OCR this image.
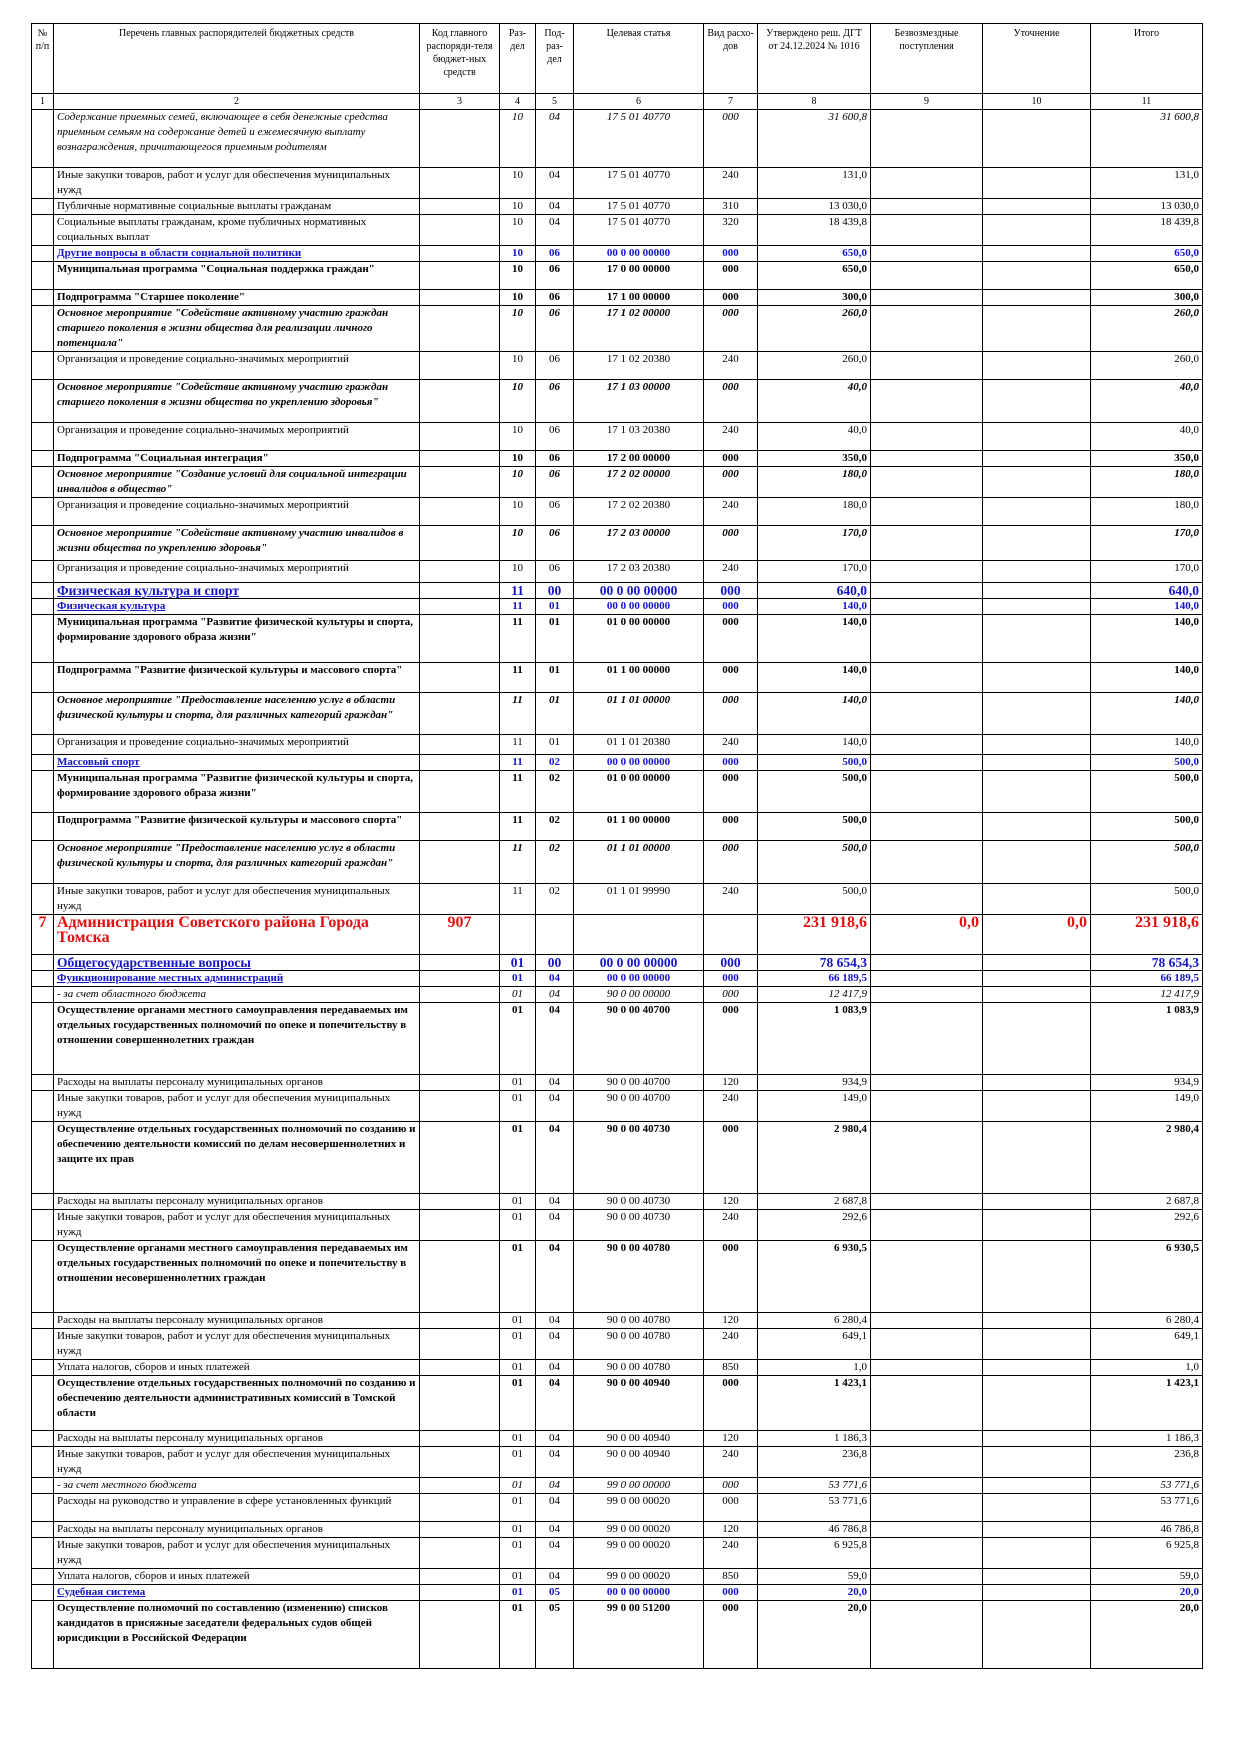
№ п/п	Перечень главных распорядителей бюджетных средств	Код главного распоряди-теля бюджет-ных средств	Раз-дел	Под-раз-дел	Целевая статья	Вид расхо-дов	Утверждено реш. ДГТ от 24.12.2024 № 1016	Безвозмездные поступления	Уточнение	Итого
1	2	3	4	5	6	7	8	9	10	11
	Содержание приемных семей, включающее в себя денежные средства приемным семьям на содержание детей и ежемесячную выплату вознаграждения, причитающегося приемным родителям		10	04	17 5 01 40770	000	31 600,8			31 600,8
	Иные закупки товаров, работ и услуг для обеспечения муниципальных нужд		10	04	17 5 01 40770	240	131,0			131,0
	Публичные нормативные социальные выплаты гражданам		10	04	17 5 01 40770	310	13 030,0			13 030,0
	Социальные выплаты гражданам, кроме публичных нормативных социальных выплат		10	04	17 5 01 40770	320	18 439,8			18 439,8
	Другие вопросы в области социальной политики		10	06	00 0 00 00000	000	650,0			650,0
	Муниципальная программа "Социальная поддержка граждан"		10	06	17 0 00 00000	000	650,0			650,0
	Подпрограмма "Старшее поколение"		10	06	17 1 00 00000	000	300,0			300,0
	Основное мероприятие "Содействие активному участию граждан старшего поколения в жизни общества для реализации личного потенциала"		10	06	17 1 02 00000	000	260,0			260,0
	Организация и проведение социально-значимых мероприятий		10	06	17 1 02 20380	240	260,0			260,0
	Основное мероприятие "Содействие активному участию граждан старшего поколения в жизни общества по укреплению здоровья"		10	06	17 1 03 00000	000	40,0			40,0
	Организация и проведение социально-значимых мероприятий		10	06	17 1 03 20380	240	40,0			40,0
	Подпрограмма "Социальная интеграция"		10	06	17 2 00 00000	000	350,0			350,0
	Основное мероприятие "Создание условий для социальной интеграции инвалидов в общество"		10	06	17 2 02 00000	000	180,0			180,0
	Организация и проведение социально-значимых мероприятий		10	06	17 2 02 20380	240	180,0			180,0
	Основное мероприятие "Содействие активному участию инвалидов в жизни общества по укреплению здоровья"		10	06	17 2 03 00000	000	170,0			170,0
	Организация и проведение социально-значимых мероприятий		10	06	17 2 03 20380	240	170,0			170,0
	Физическая культура и спорт		11	00	00 0 00 00000	000	640,0			640,0
	Физическая культура		11	01	00 0 00 00000	000	140,0			140,0
	Муниципальная программа "Развитие физической культуры и спорта, формирование здорового образа жизни"		11	01	01 0 00 00000	000	140,0			140,0
	Подпрограмма "Развитие физической культуры и массового спорта"		11	01	01 1 00 00000	000	140,0			140,0
	Основное мероприятие "Предоставление населению услуг в области физической культуры и спорта, для различных категорий граждан"		11	01	01 1 01 00000	000	140,0			140,0
	Организация и проведение социально-значимых мероприятий		11	01	01 1 01 20380	240	140,0			140,0
	Массовый спорт		11	02	00 0 00 00000	000	500,0			500,0
	Муниципальная программа "Развитие физической культуры и спорта, формирование здорового образа жизни"		11	02	01 0 00 00000	000	500,0			500,0
	Подпрограмма "Развитие физической культуры и массового спорта"		11	02	01 1 00 00000	000	500,0			500,0
	Основное мероприятие "Предоставление населению услуг в области физической культуры и спорта, для различных категорий граждан"		11	02	01 1 01 00000	000	500,0			500,0
	Иные закупки товаров, работ и услуг для обеспечения муниципальных нужд		11	02	01 1 01 99990	240	500,0			500,0
7	Администрация Советского района Города Томска	907					231 918,6	0,0	0,0	231 918,6
	Общегосударственные вопросы		01	00	00 0 00 00000	000	78 654,3			78 654,3
	Функционирование местных администраций		01	04	00 0 00 00000	000	66 189,5			66 189,5
	- за счет областного бюджета		01	04	90 0 00 00000	000	12 417,9			12 417,9
	Осуществление органами местного самоуправления передаваемых им отдельных государственных полномочий по опеке и попечительству в отношении совершеннолетних граждан		01	04	90 0 00 40700	000	1 083,9			1 083,9
	Расходы на выплаты персоналу муниципальных органов		01	04	90 0 00 40700	120	934,9			934,9
	Иные закупки товаров, работ и услуг для обеспечения муниципальных нужд		01	04	90 0 00 40700	240	149,0			149,0
	Осуществление отдельных государственных полномочий по созданию и обеспечению деятельности комиссий по делам несовершеннолетних и защите их прав		01	04	90 0 00 40730	000	2 980,4			2 980,4
	Расходы на выплаты персоналу муниципальных органов		01	04	90 0 00 40730	120	2 687,8			2 687,8
	Иные закупки товаров, работ и услуг для обеспечения муниципальных нужд		01	04	90 0 00 40730	240	292,6			292,6
	Осуществление органами местного самоуправления передаваемых им отдельных государственных полномочий по опеке и попечительству в отношении несовершеннолетних граждан		01	04	90 0 00 40780	000	6 930,5			6 930,5
	Расходы на выплаты персоналу муниципальных органов		01	04	90 0 00 40780	120	6 280,4			6 280,4
	Иные закупки товаров, работ и услуг для обеспечения муниципальных нужд		01	04	90 0 00 40780	240	649,1			649,1
	Уплата налогов, сборов и иных платежей		01	04	90 0 00 40780	850	1,0			1,0
	Осуществление отдельных государственных полномочий по созданию и обеспечению деятельности административных комиссий в Томской области		01	04	90 0 00 40940	000	1 423,1			1 423,1
	Расходы на выплаты персоналу муниципальных органов		01	04	90 0 00 40940	120	1 186,3			1 186,3
	Иные закупки товаров, работ и услуг для обеспечения муниципальных нужд		01	04	90 0 00 40940	240	236,8			236,8
	- за счет местного бюджета		01	04	99 0 00 00000	000	53 771,6			53 771,6
	Расходы на руководство и управление в сфере установленных функций		01	04	99 0 00 00020	000	53 771,6			53 771,6
	Расходы на выплаты персоналу муниципальных органов		01	04	99 0 00 00020	120	46 786,8			46 786,8
	Иные закупки товаров, работ и услуг для обеспечения муниципальных нужд		01	04	99 0 00 00020	240	6 925,8			6 925,8
	Уплата налогов, сборов и иных платежей		01	04	99 0 00 00020	850	59,0			59,0
	Судебная система		01	05	00 0 00 00000	000	20,0			20,0
	Осуществление полномочий по составлению (изменению) списков кандидатов в присяжные заседатели федеральных судов общей юрисдикции в Российской Федерации		01	05	99 0 00 51200	000	20,0			20,0
